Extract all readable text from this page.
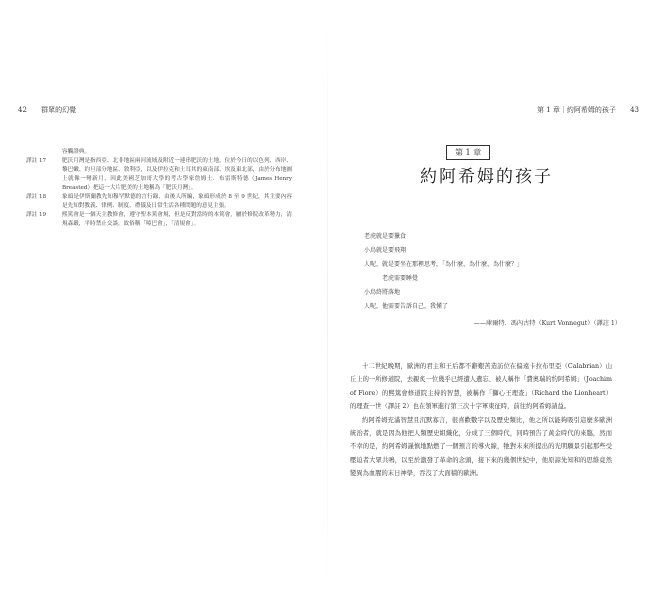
42 群眾的幻覺	第 1 章｜約阿希姆的孩子 43
容觸證典。
譯註 17	肥沃月灣是指西亞、北非地區兩河流域及附近一連串肥沃的土地，位於今日的以色列、西岸、黎巴嫩、約旦部分地區、敘利亞，以及伊拉克和土耳其的東南部、埃及東北部，由於分布地圖上就像一彎新月，因此美國芝加哥大學的考古學家詹姆士．布雷斯特德（James Henry Breasted）把這一大片肥美的土地稱為「肥沃月灣」。
譯註 18	象頭是伊斯蘭教先知穆罕默德的言行錄，由後人所編，象頭形成於 8 至 9 世紀，其主要內容是先知對教義、律例、制度、禮儀及日常生活各種問題的意見主張。
譯註 19	熙篤會是一個天主教修會，遵守聖本篤會規，但是反對當時的本篤會，屬於修院改革勢力，清規森嚴，平時禁止交談，故俗稱「啞巴會」，「清規會」。
第 1 章
約阿希姆的孩子
老虎就是要獵食
小鳥就是要飛翔
人呢，就是要坐在那裡思考，「為什麼、為什麼、為什麼？」
老虎需要睡覺
小鳥終將落地
人呢，他需要告訴自己，我懂了
——庫爾特．馮內古特（Kurt Vonnegut）（譯註 1）

十二世紀晚期，歐洲的君主和王后都不辭艱苦造訪位在偏遠卡拉布里亞（Calabrian）山丘上的一所修道院，去親炙一位幾乎已經遭人遺忘、被人稱作「費奧瑞的約阿希姆」（Joachim of Fiore）的熙篤會修道院主持的智慧，被稱作「獅心王理查」（Richard the Lionheart）的理查一世（譯註 2）也在領軍進行第三次十字軍東征時，前往約阿希姆請益。

約阿希姆充滿智慧且沉默寡言，很喜歡數字以及歷史類比，他之所以能夠吸引這麼多歐洲統治者，就是因為他把人類歷史組織化，分成了三個時代，同時預告了黃金時代的來臨，然而不幸的是，約阿希姆謹慎地點燃了一個預言的導火線，牠對未來所提出的光明願景引起那些受壓迫者大眾共鳴，以至於激發了革命的念頭，接下來的幾個世紀中，他原諒先知和的思維竟然變異為血腥的末日神學，吞沒了大面積的歐洲。
